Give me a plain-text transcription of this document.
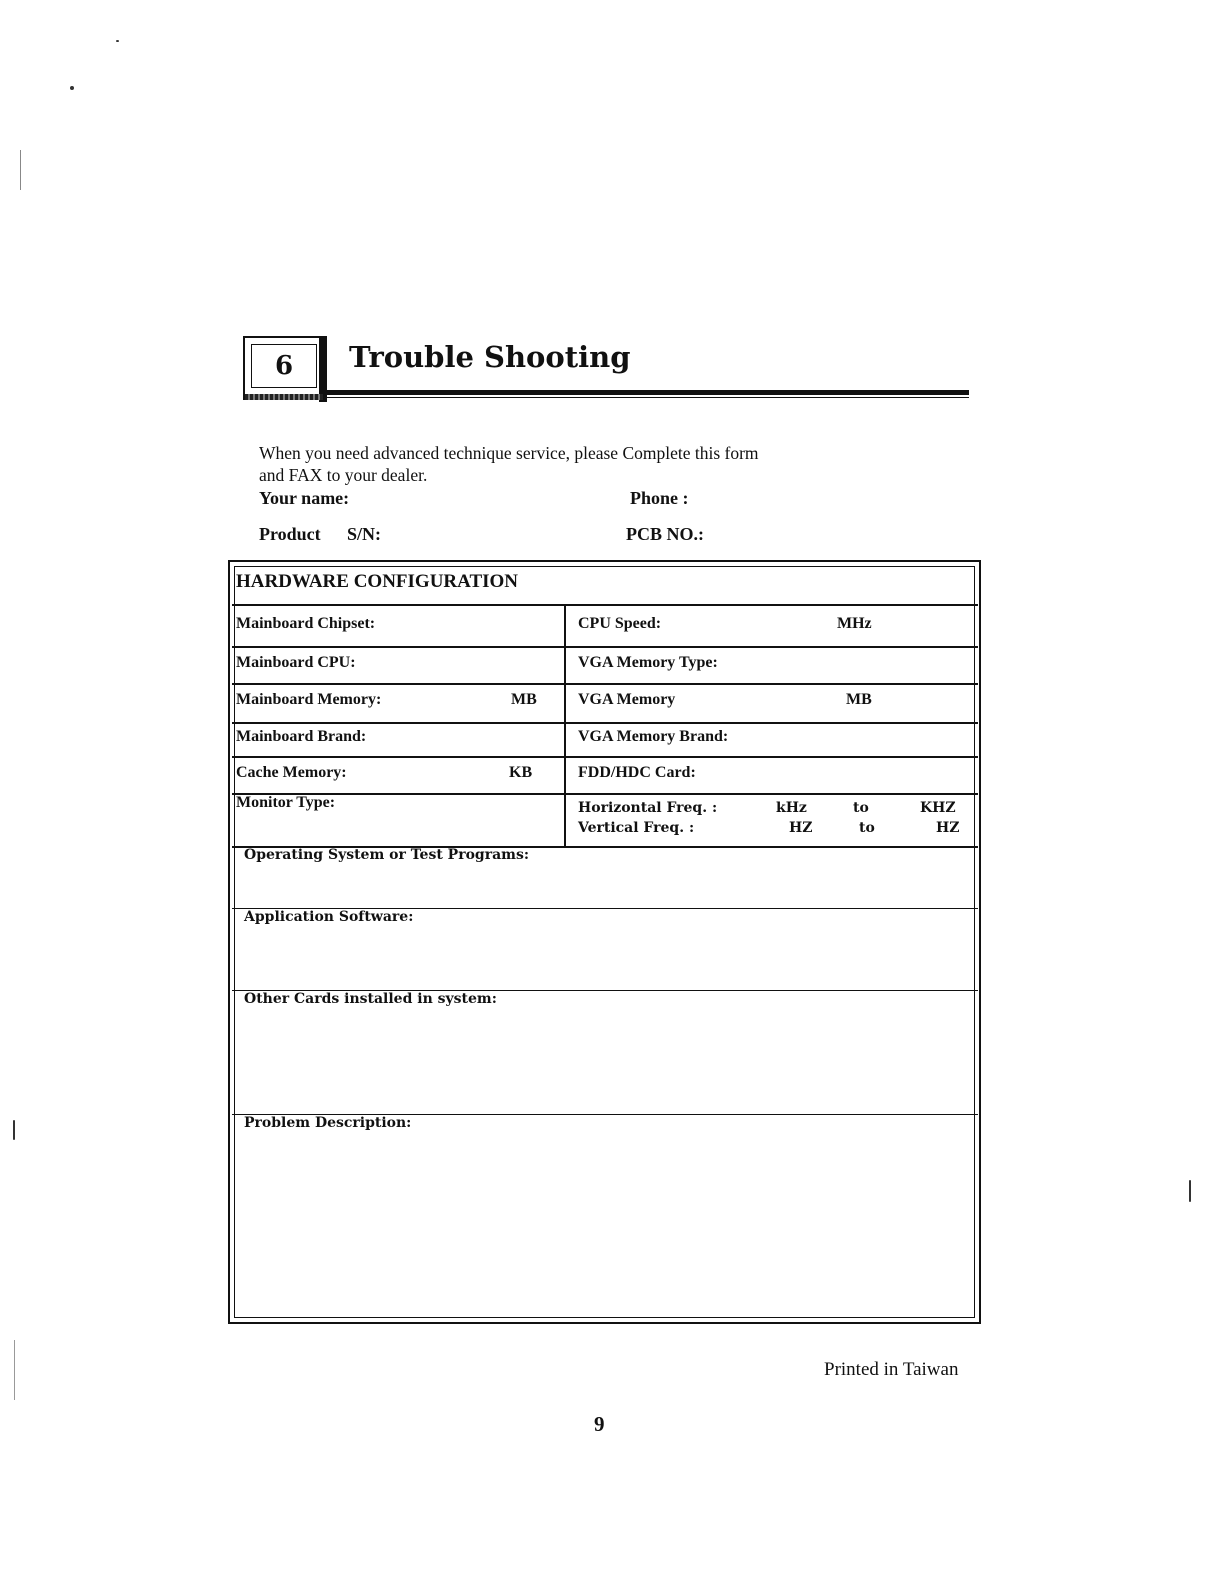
6	Trouble Shooting
When you need advanced technique service, please Complete this form
and FAX to your dealer.
Your name:	Phone :
Product S/N:	PCB NO.:
HARDWARE CONFIGURATION
Mainboard Chipset:	CPU Speed:	MHz
Mainboard CPU:	VGA Memory Type:
Mainboard Memory:	MB	VGA Memory	MB
Mainboard Brand:	VGA Memory Brand:
Cache Memory:	KB	FDD/HDC Card:
Monitor Type:	Horizontal Freq. :	kHz	to	KHZ
Vertical Freq. :	HZ	to	HZ
Operating System or Test Programs:
Application Software:
Other Cards installed in system:
Problem Description:
Printed in Taiwan
9
